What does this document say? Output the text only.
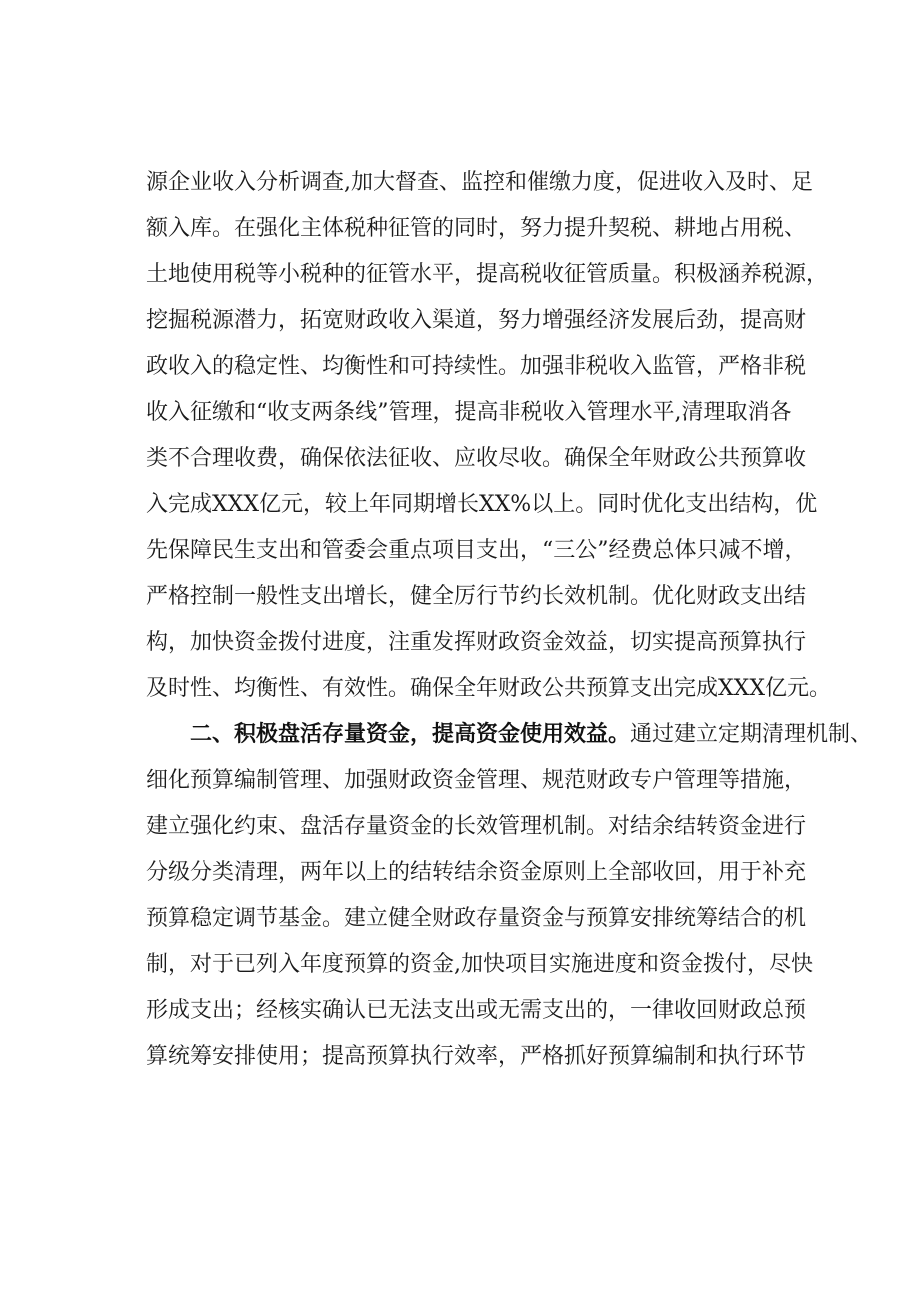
源企业收入分析调查,加大督查、监控和催缴力度，促进收入及时、足

额入库。在强化主体税种征管的同时，努力提升契税、耕地占用税、

土地使用税等小税种的征管水平，提高税收征管质量。积极涵养税源，

挖掘税源潜力，拓宽财政收入渠道，努力增强经济发展后劲，提高财

政收入的稳定性、均衡性和可持续性。加强非税收入监管，严格非税

收入征缴和“收支两条线”管理，提高非税收入管理水平,清理取消各

类不合理收费，确保依法征收、应收尽收。确保全年财政公共预算收

入完成XXX亿元，较上年同期增长XX%以上。同时优化支出结构，优

先保障民生支出和管委会重点项目支出，“三公”经费总体只减不增，

严格控制一般性支出增长，健全厉行节约长效机制。优化财政支出结

构，加快资金拨付进度，注重发挥财政资金效益，切实提高预算执行

及时性、均衡性、有效性。确保全年财政公共预算支出完成XXX亿元。

二、积极盘活存量资金，提高资金使用效益。通过建立定期清理机制、

细化预算编制管理、加强财政资金管理、规范财政专户管理等措施，

建立强化约束、盘活存量资金的长效管理机制。对结余结转资金进行

分级分类清理，两年以上的结转结余资金原则上全部收回，用于补充

预算稳定调节基金。建立健全财政存量资金与预算安排统筹结合的机

制，对于已列入年度预算的资金,加快项目实施进度和资金拨付，尽快

形成支出；经核实确认已无法支出或无需支出的，一律收回财政总预

算统筹安排使用；提高预算执行效率，严格抓好预算编制和执行环节
